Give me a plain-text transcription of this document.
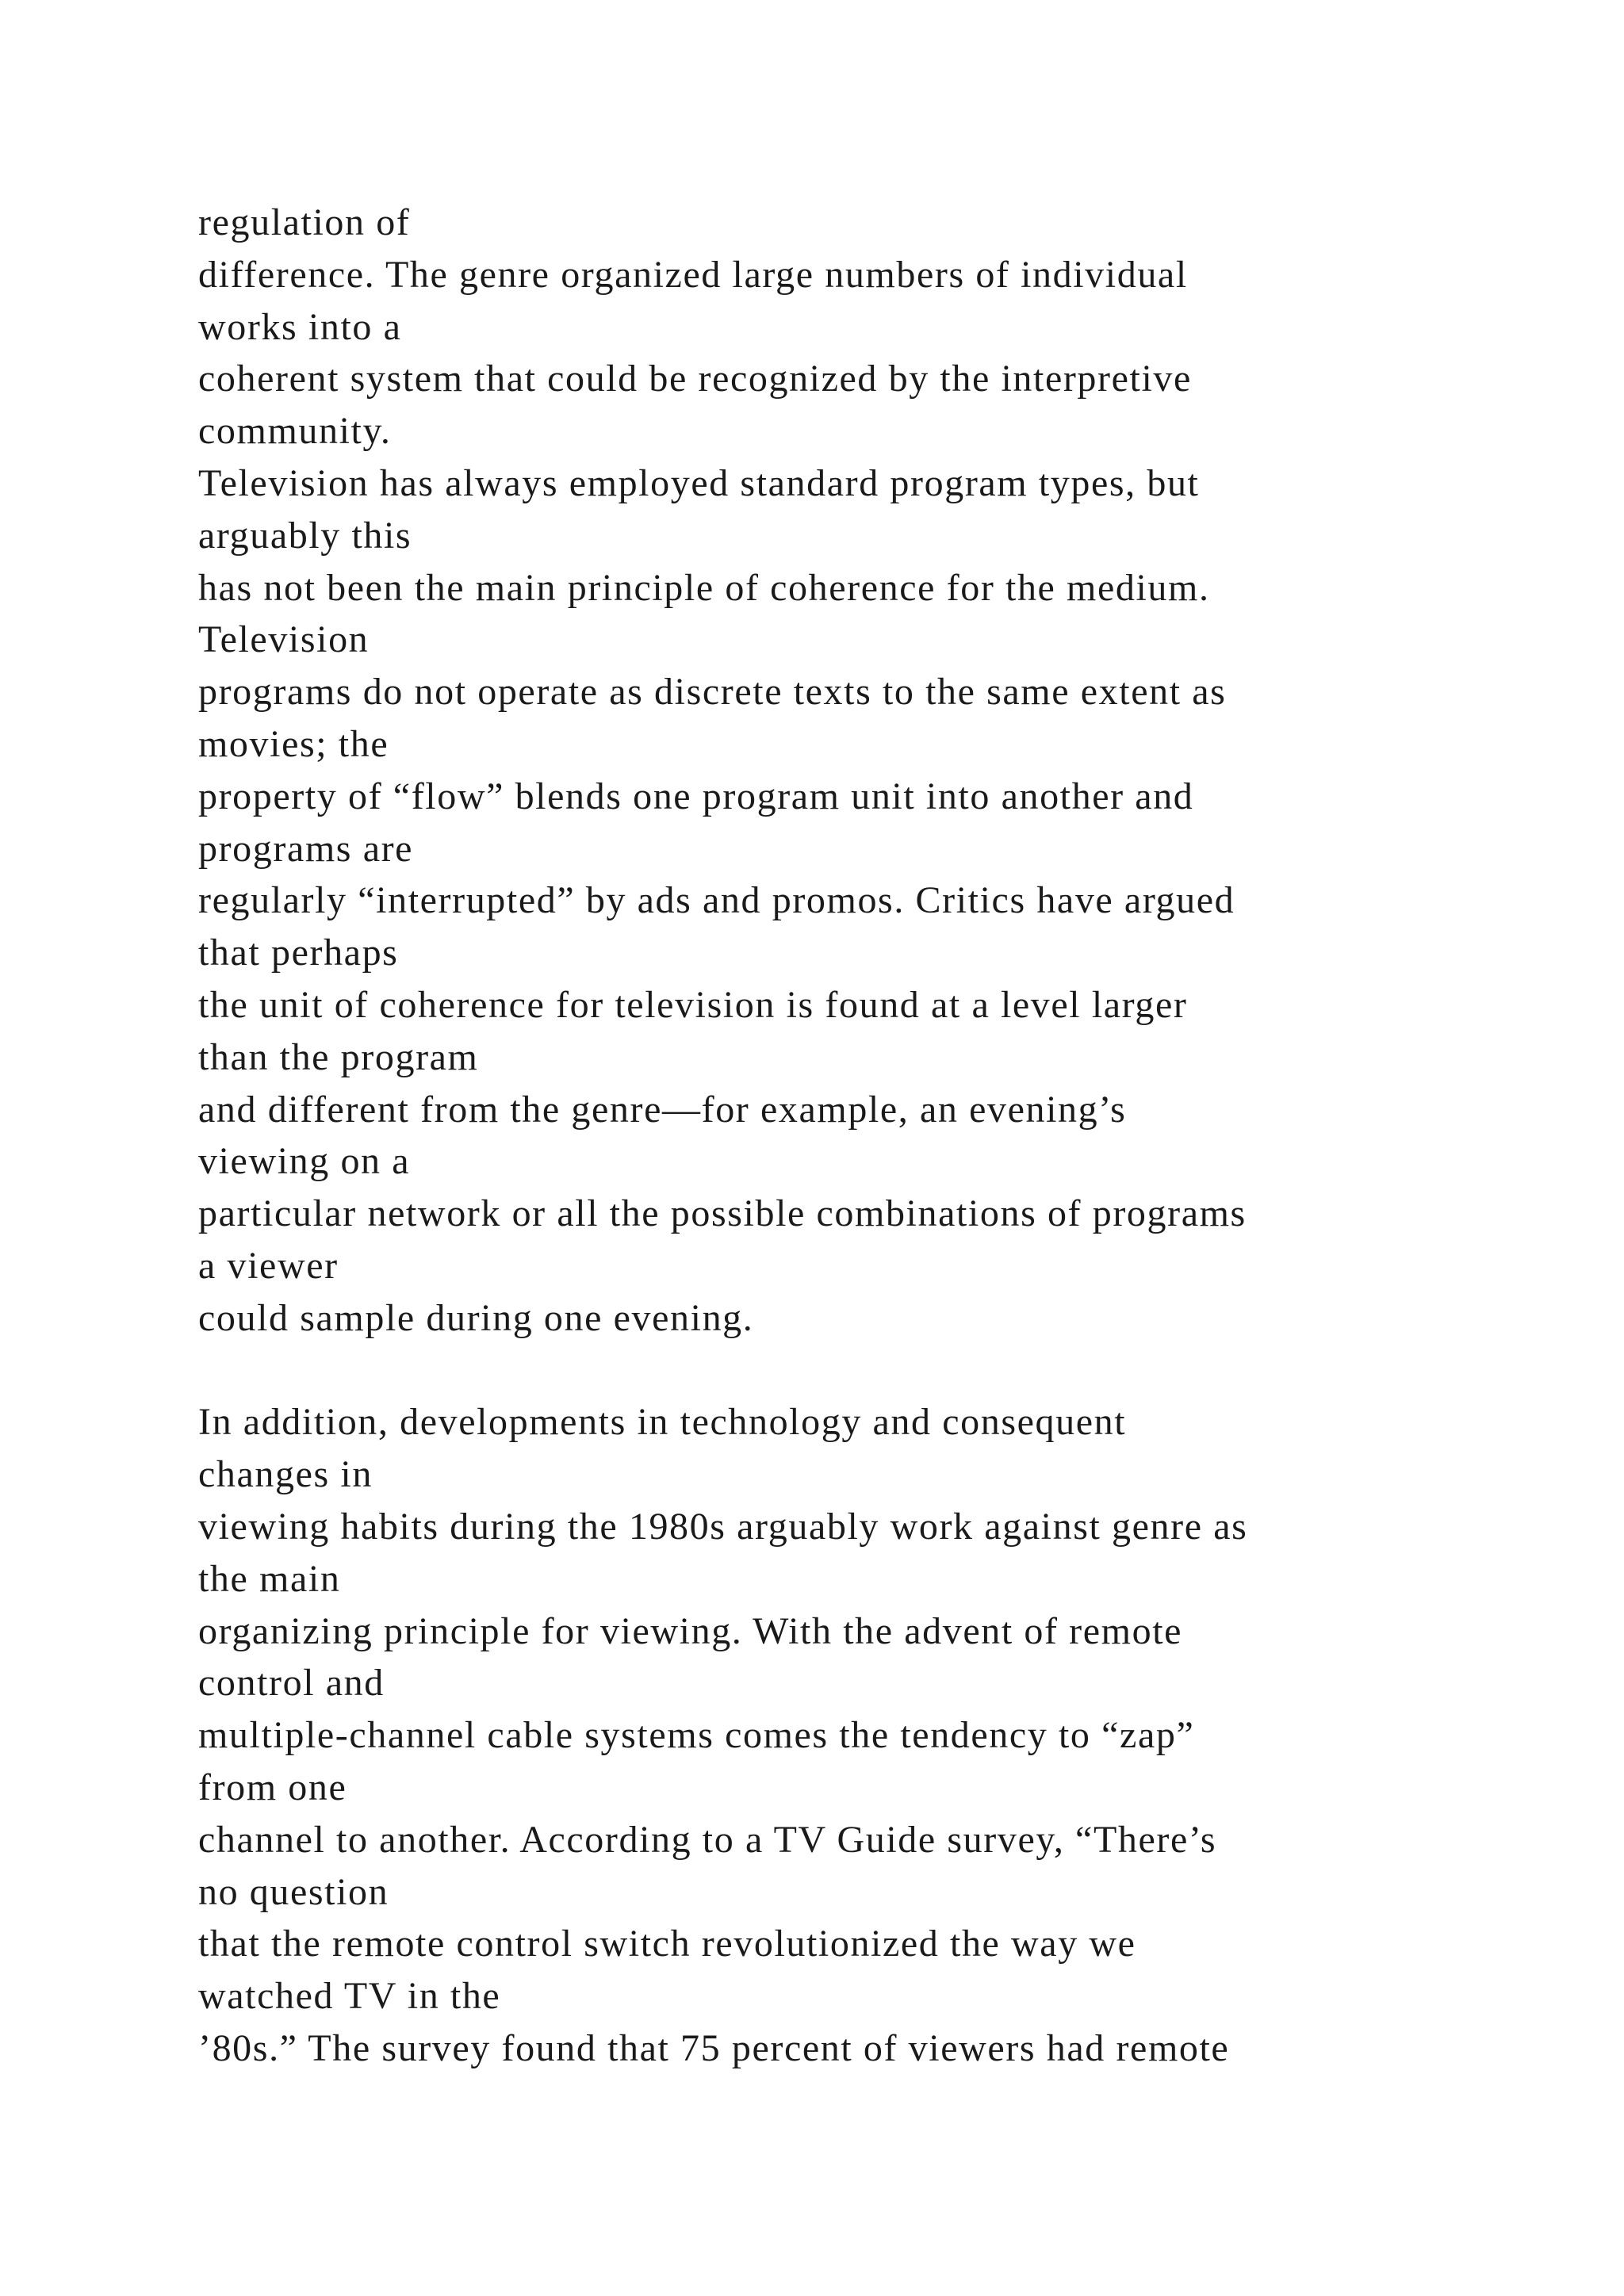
regulation of
difference. The genre organized large numbers of individual
works into a
coherent system that could be recognized by the interpretive
community.
Television has always employed standard program types, but
arguably this
has not been the main principle of coherence for the medium.
Television
programs do not operate as discrete texts to the same extent as
movies; the
property of “flow” blends one program unit into another and
programs are
regularly “interrupted” by ads and promos. Critics have argued
that perhaps
the unit of coherence for television is found at a level larger
than the program
and different from the genre—for example, an evening’s
viewing on a
particular network or all the possible combinations of programs
a viewer
could sample during one evening.
In addition, developments in technology and consequent
changes in
viewing habits during the 1980s arguably work against genre as
the main
organizing principle for viewing. With the advent of remote
control and
multiple-channel cable systems comes the tendency to “zap”
from one
channel to another. According to a TV Guide survey, “There’s
no question
that the remote control switch revolutionized the way we
watched TV in the
’80s.” The survey found that 75 percent of viewers had remote
